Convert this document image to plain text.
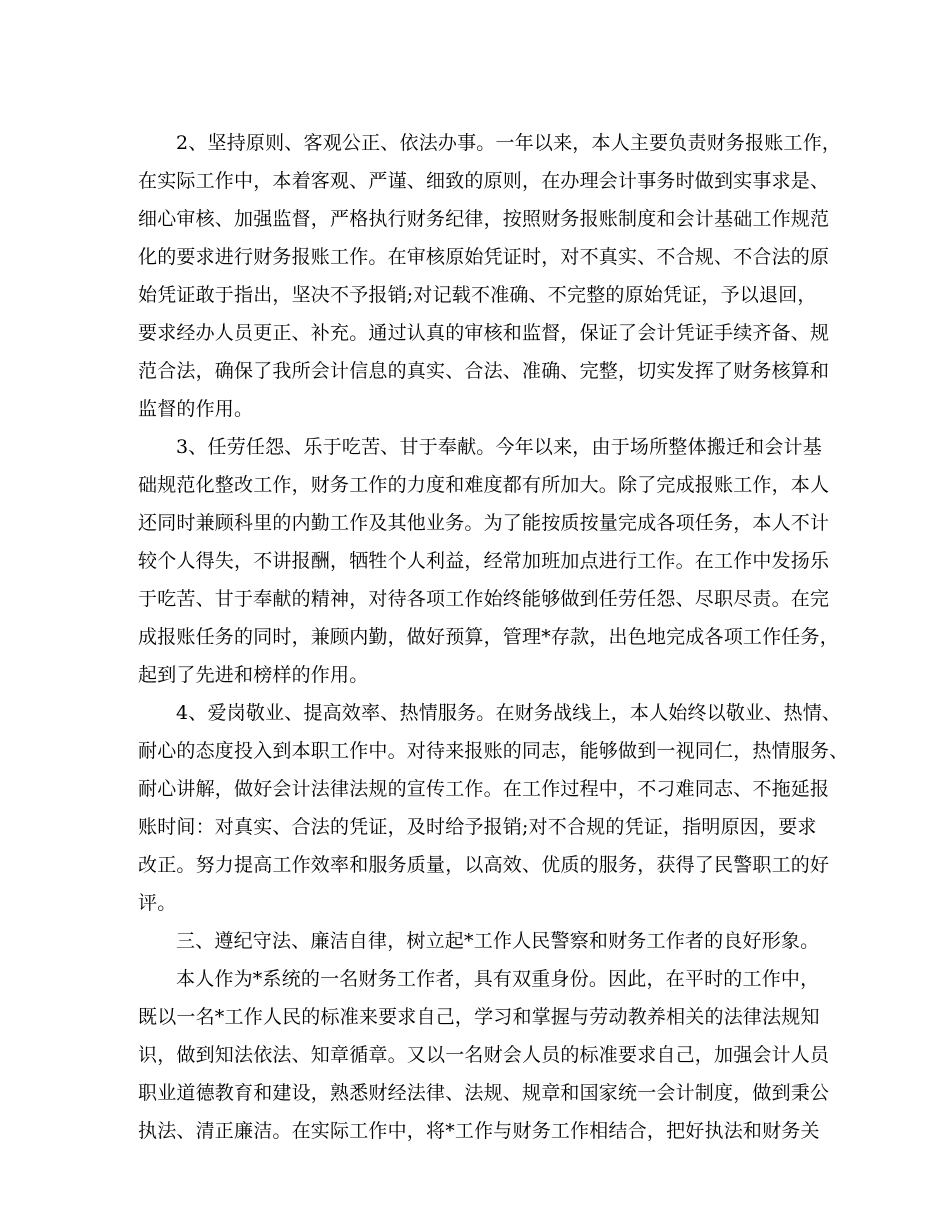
2、坚持原则、客观公正、依法办事。一年以来，本人主要负责财务报账工作，

在实际工作中，本着客观、严谨、细致的原则，在办理会计事务时做到实事求是、

细心审核、加强监督，严格执行财务纪律，按照财务报账制度和会计基础工作规范

化的要求进行财务报账工作。在审核原始凭证时，对不真实、不合规、不合法的原

始凭证敢于指出，坚决不予报销;对记载不准确、不完整的原始凭证，予以退回，

要求经办人员更正、补充。通过认真的审核和监督，保证了会计凭证手续齐备、规

范合法，确保了我所会计信息的真实、合法、准确、完整，切实发挥了财务核算和

监督的作用。

3、任劳任怨、乐于吃苦、甘于奉献。今年以来，由于场所整体搬迁和会计基

础规范化整改工作，财务工作的力度和难度都有所加大。除了完成报账工作，本人

还同时兼顾科里的内勤工作及其他业务。为了能按质按量完成各项任务，本人不计

较个人得失，不讲报酬，牺牲个人利益，经常加班加点进行工作。在工作中发扬乐

于吃苦、甘于奉献的精神，对待各项工作始终能够做到任劳任怨、尽职尽责。在完

成报账任务的同时，兼顾内勤，做好预算，管理*存款，出色地完成各项工作任务，

起到了先进和榜样的作用。

4、爱岗敬业、提高效率、热情服务。在财务战线上，本人始终以敬业、热情、

耐心的态度投入到本职工作中。对待来报账的同志，能够做到一视同仁，热情服务、

耐心讲解，做好会计法律法规的宣传工作。在工作过程中，不刁难同志、不拖延报

账时间：对真实、合法的凭证，及时给予报销;对不合规的凭证，指明原因，要求

改正。努力提高工作效率和服务质量，以高效、优质的服务，获得了民警职工的好

评。

三、遵纪守法、廉洁自律，树立起*工作人民警察和财务工作者的良好形象。

本人作为*系统的一名财务工作者，具有双重身份。因此，在平时的工作中，

既以一名*工作人民的标准来要求自己，学习和掌握与劳动教养相关的法律法规知

识，做到知法依法、知章循章。又以一名财会人员的标准要求自己，加强会计人员

职业道德教育和建设，熟悉财经法律、法规、规章和国家统一会计制度，做到秉公

执法、清正廉洁。在实际工作中，将*工作与财务工作相结合，把好执法和财务关
